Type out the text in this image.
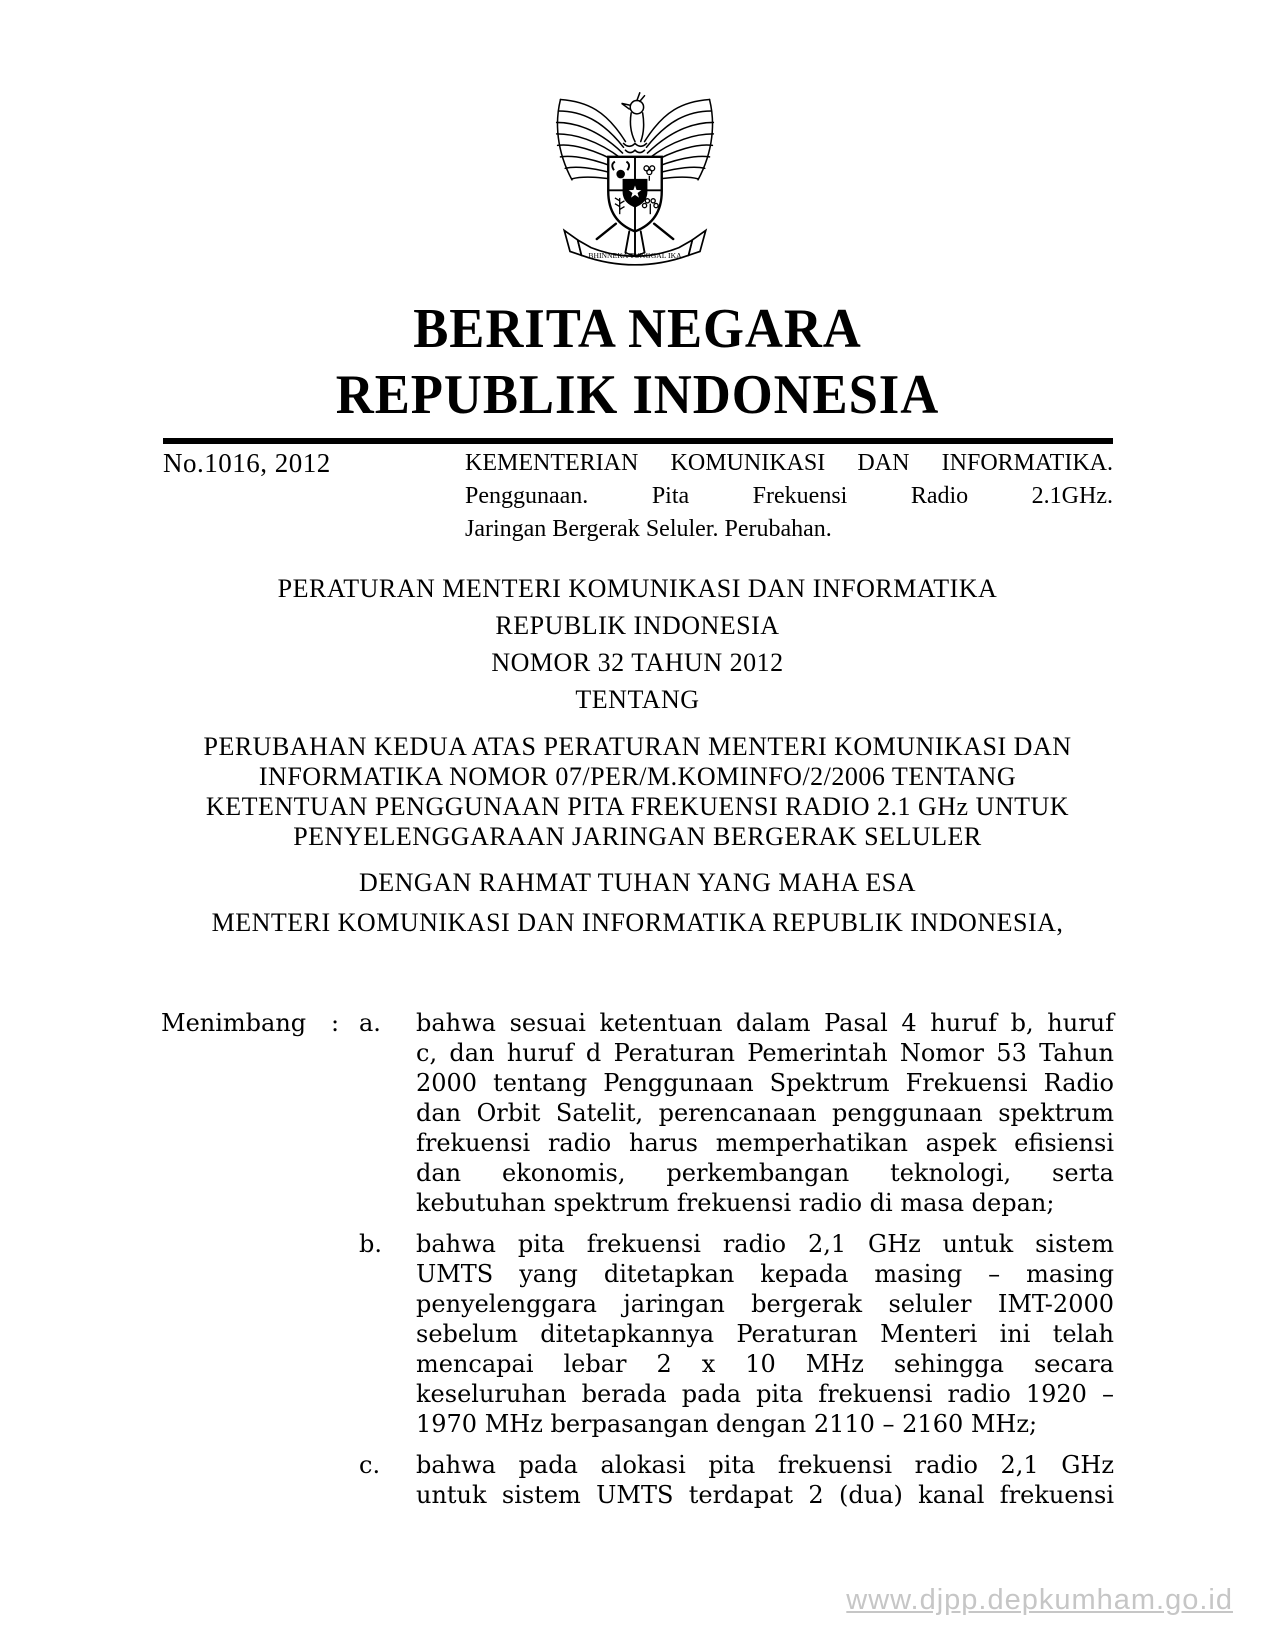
BHINNEKA TUNGGAL IKA
BERITA NEGARA
REPUBLIK INDONESIA
No.1016, 2012	KEMENTERIAN KOMUNIKASI DAN INFORMATIKA.
Penggunaan. Pita Frekuensi Radio 2.1GHz.
Jaringan Bergerak Seluler. Perubahan.
PERATURAN MENTERI KOMUNIKASI DAN INFORMATIKA
REPUBLIK INDONESIA
NOMOR 32 TAHUN 2012
TENTANG
PERUBAHAN KEDUA ATAS PERATURAN MENTERI KOMUNIKASI DAN
INFORMATIKA NOMOR 07/PER/M.KOMINFO/2/2006 TENTANG
KETENTUAN PENGGUNAAN PITA FREKUENSI RADIO 2.1 GHz UNTUK
PENYELENGGARAAN JARINGAN BERGERAK SELULER
DENGAN RAHMAT TUHAN YANG MAHA ESA
MENTERI KOMUNIKASI DAN INFORMATIKA REPUBLIK INDONESIA,
Menimbang	: a.	bahwa sesuai ketentuan dalam Pasal 4 huruf b, huruf
c, dan huruf d Peraturan Pemerintah Nomor 53 Tahun
2000 tentang Penggunaan Spektrum Frekuensi Radio
dan Orbit Satelit, perencanaan penggunaan spektrum
frekuensi radio harus memperhatikan aspek efisiensi
dan ekonomis, perkembangan teknologi, serta
kebutuhan spektrum frekuensi radio di masa depan;
b.	bahwa pita frekuensi radio 2,1 GHz untuk sistem
UMTS yang ditetapkan kepada masing – masing
penyelenggara jaringan bergerak seluler IMT-2000
sebelum ditetapkannya Peraturan Menteri ini telah
mencapai lebar 2 x 10 MHz sehingga secara
keseluruhan berada pada pita frekuensi radio 1920 –
1970 MHz berpasangan dengan 2110 – 2160 MHz;
c.	bahwa pada alokasi pita frekuensi radio 2,1 GHz
untuk sistem UMTS terdapat 2 (dua) kanal frekuensi
www.djpp.depkumham.go.id
